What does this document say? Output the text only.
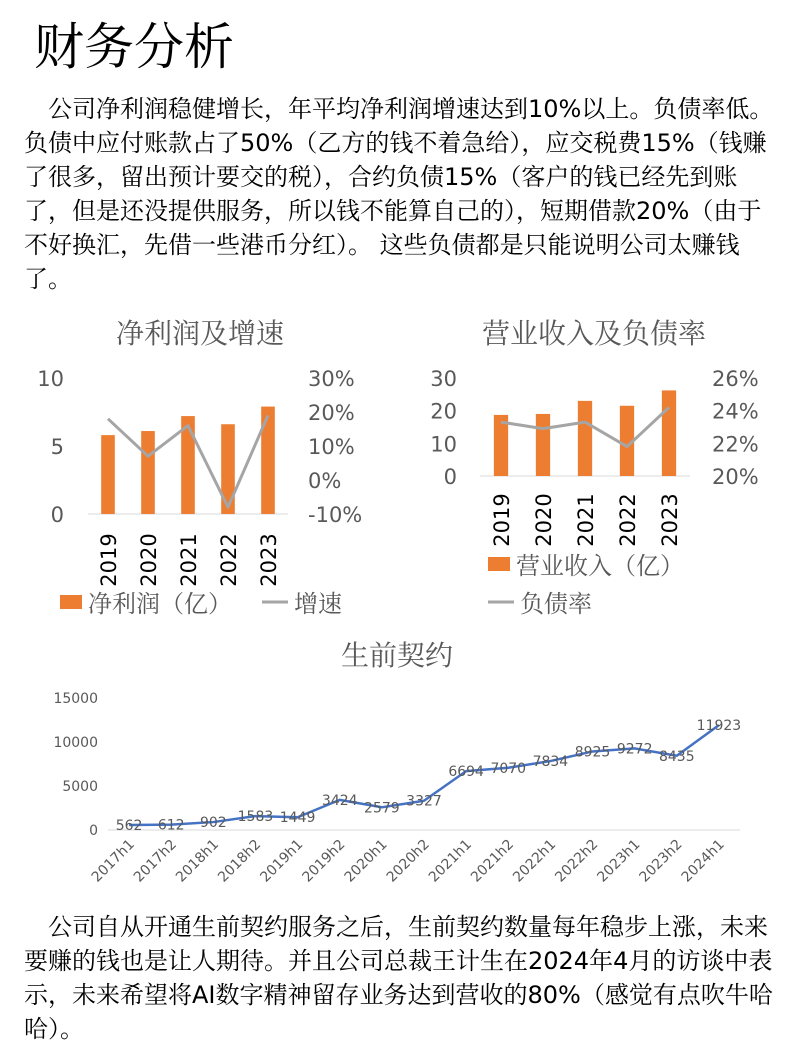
财务分析
公司净利润稳健增长，年平均净利润增速达到10%以上。负债率低。负债中应付账款占了50%（乙方的钱不着急给），应交税费15%（钱赚了很多，留出预计要交的税），合约负债15%（客户的钱已经先到账了，但是还没提供服务，所以钱不能算自己的），短期借款20%（由于不好换汇，先借一些港币分红）。 这些负债都是只能说明公司太赚钱了。
净利润及增速
10
5
0
30%
20%
10%
0%
-10%
2019 2020 2021 2022 2023
净利润（亿）	增速
营业收入及负债率
30
20
10
0
26%
24%
22%
20%
2019 2020 2021 2022 2023
营业收入（亿）
负债率
生前契约
15000
10000
5000
0 562 612 902 1583 1449
3424 2579 3327
6694 7070 7834
8925 9272 8435
11923
2017h1
2017h2
2018h1
2018h2
2019h1
2019h2
2020h1
2020h2
2021h1
2021h2
2022h1
2022h2
2023h1
2023h2
2024h1
公司自从开通生前契约服务之后，生前契约数量每年稳步上涨，未来要赚的钱也是让人期待。并且公司总裁王计生在2024年4月的访谈中表示，未来希望将AI数字精神留存业务达到营收的80%（感觉有点吹牛哈哈）。
